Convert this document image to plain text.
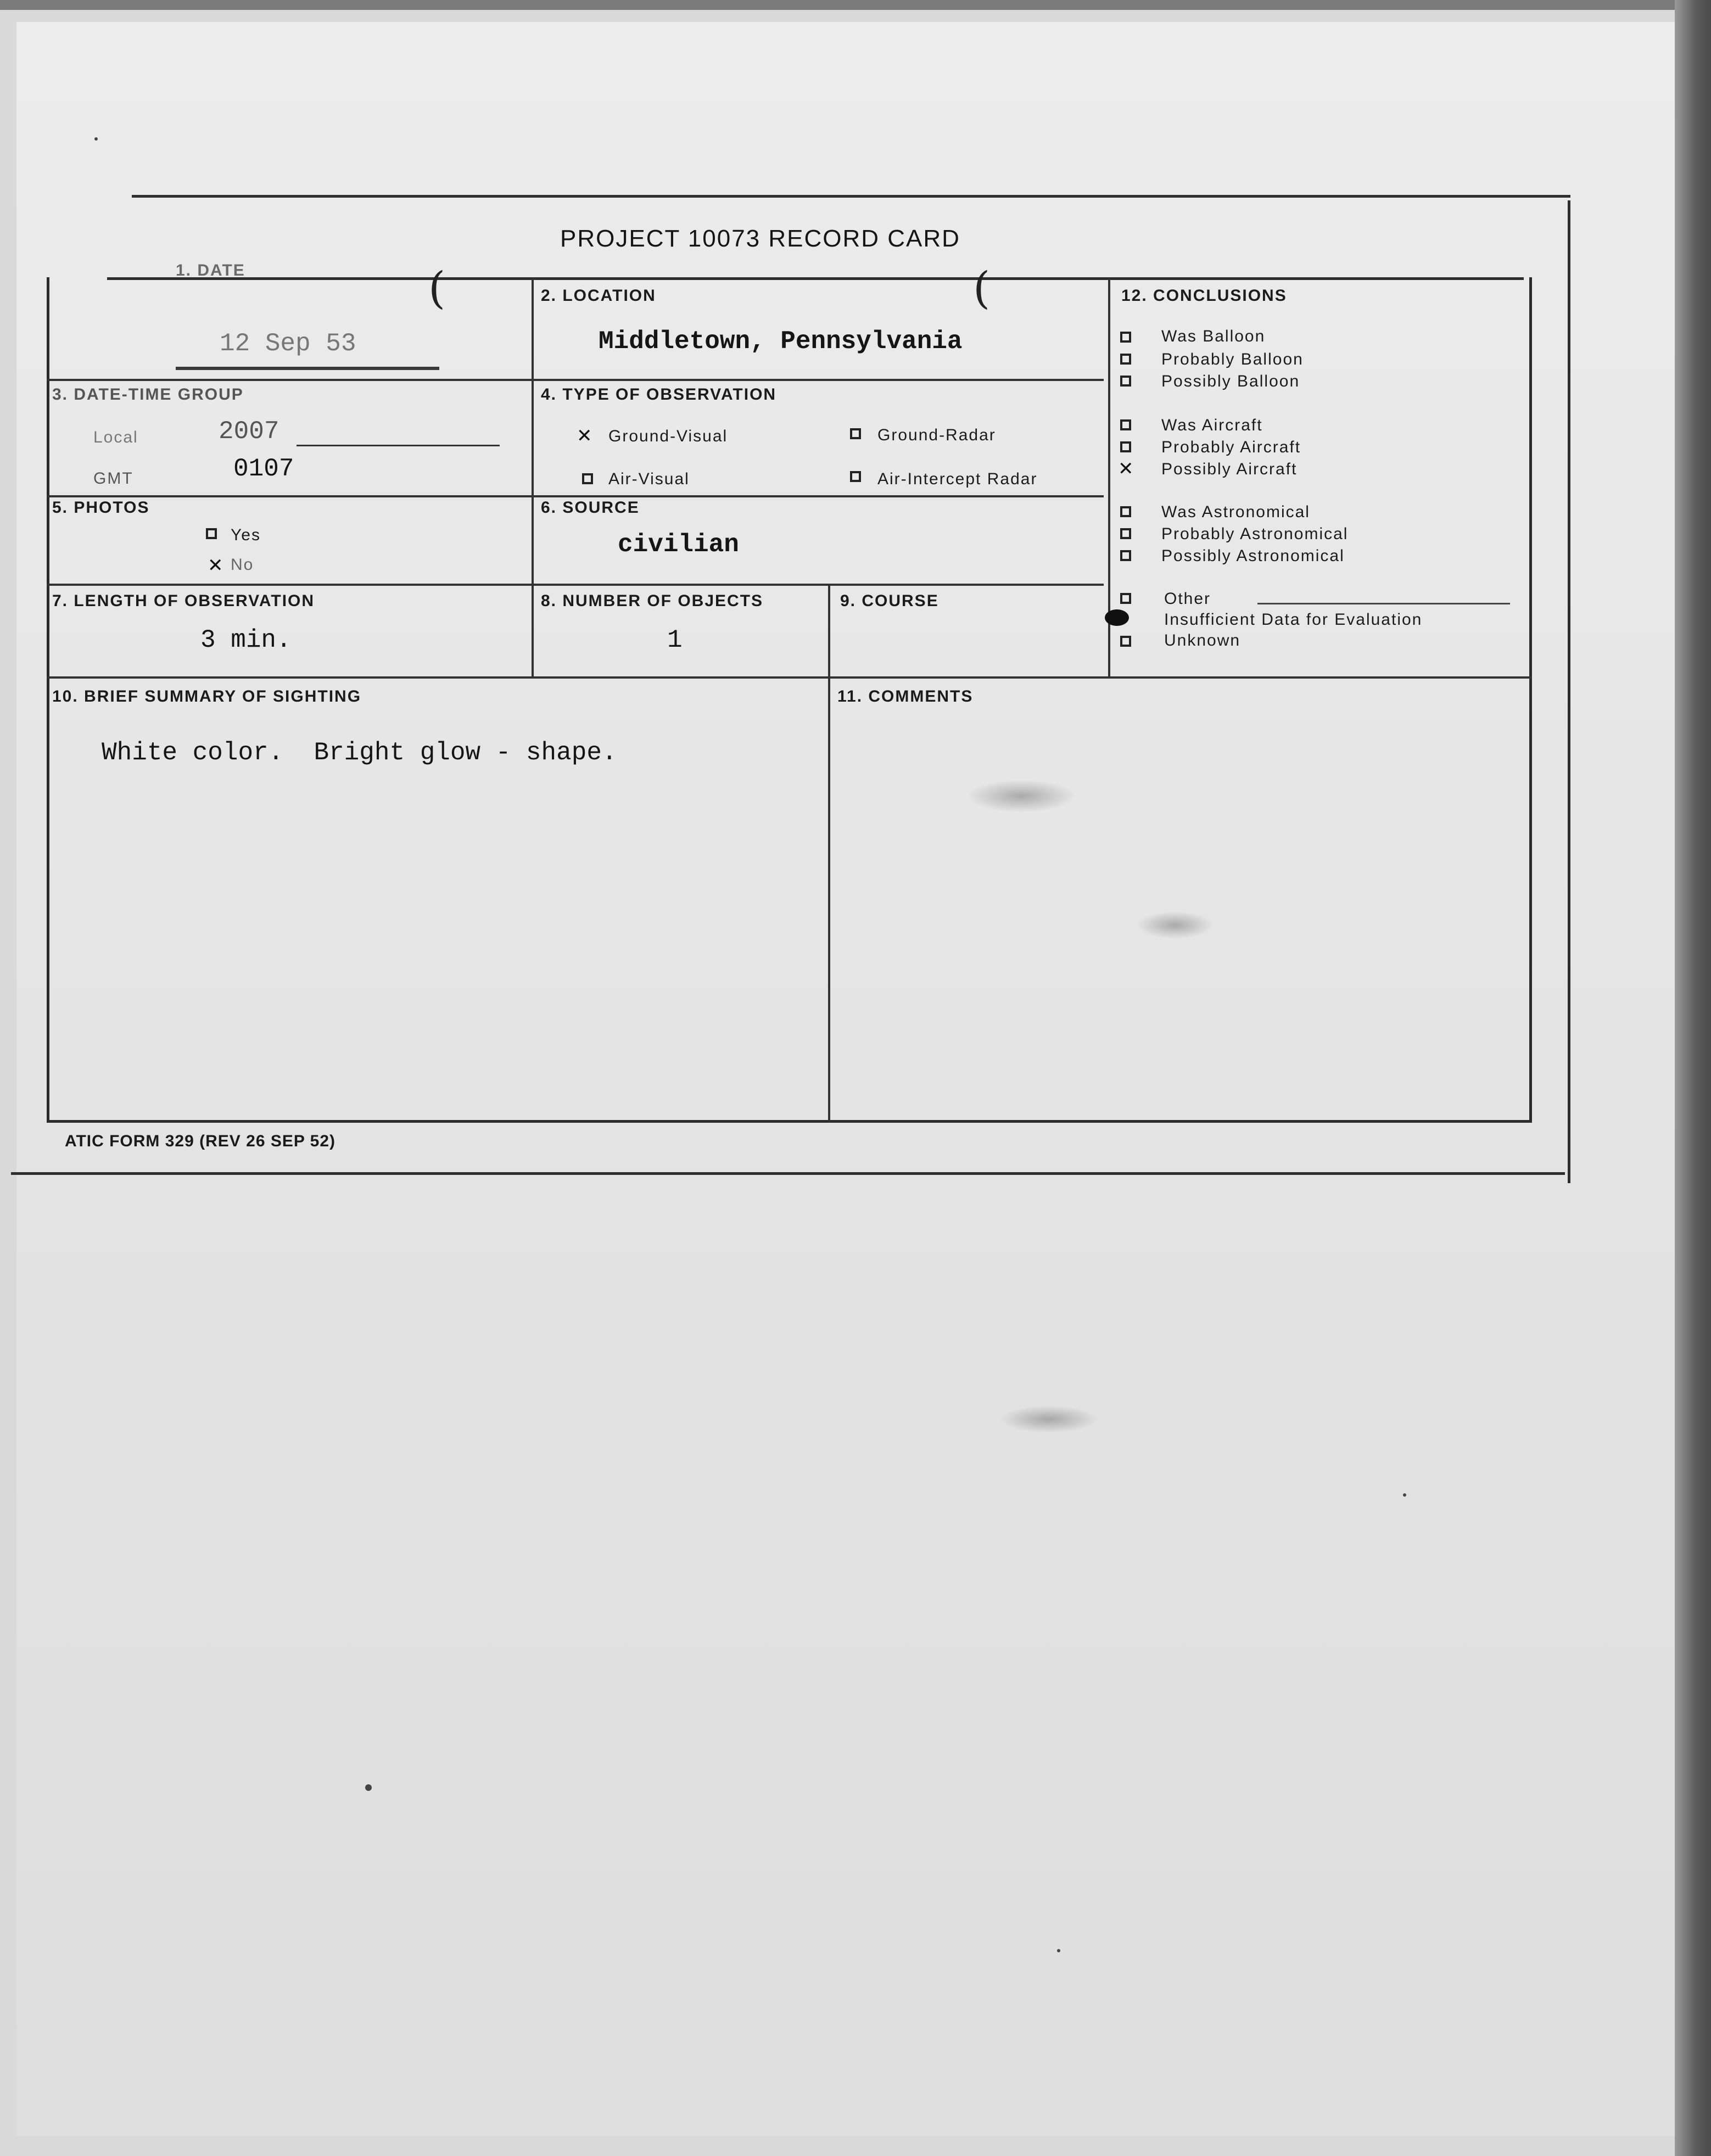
(	(
PROJECT 10073 RECORD CARD
1. DATE
12 Sep 53
2. LOCATION
Middletown, Pennsylvania
3. DATE-TIME GROUP
Local	2007
GMT	0107
4. TYPE OF OBSERVATION
✕ Ground-Visual	Ground-Radar
Air-Visual	Air-Intercept Radar
5. PHOTOS
Yes
✕ No
6. SOURCE
civilian
7. LENGTH OF OBSERVATION
3 min.
8. NUMBER OF OBJECTS
1
9. COURSE
10. BRIEF SUMMARY OF SIGHTING
White color.  Bright glow - shape.
11. COMMENTS
12. CONCLUSIONS
Was Balloon
Probably Balloon
Possibly Balloon
Was Aircraft
Probably Aircraft
✕ Possibly Aircraft
Was Astronomical
Probably Astronomical
Possibly Astronomical
Other
Insufficient Data for Evaluation
Unknown
ATIC FORM 329 (REV 26 SEP 52)
